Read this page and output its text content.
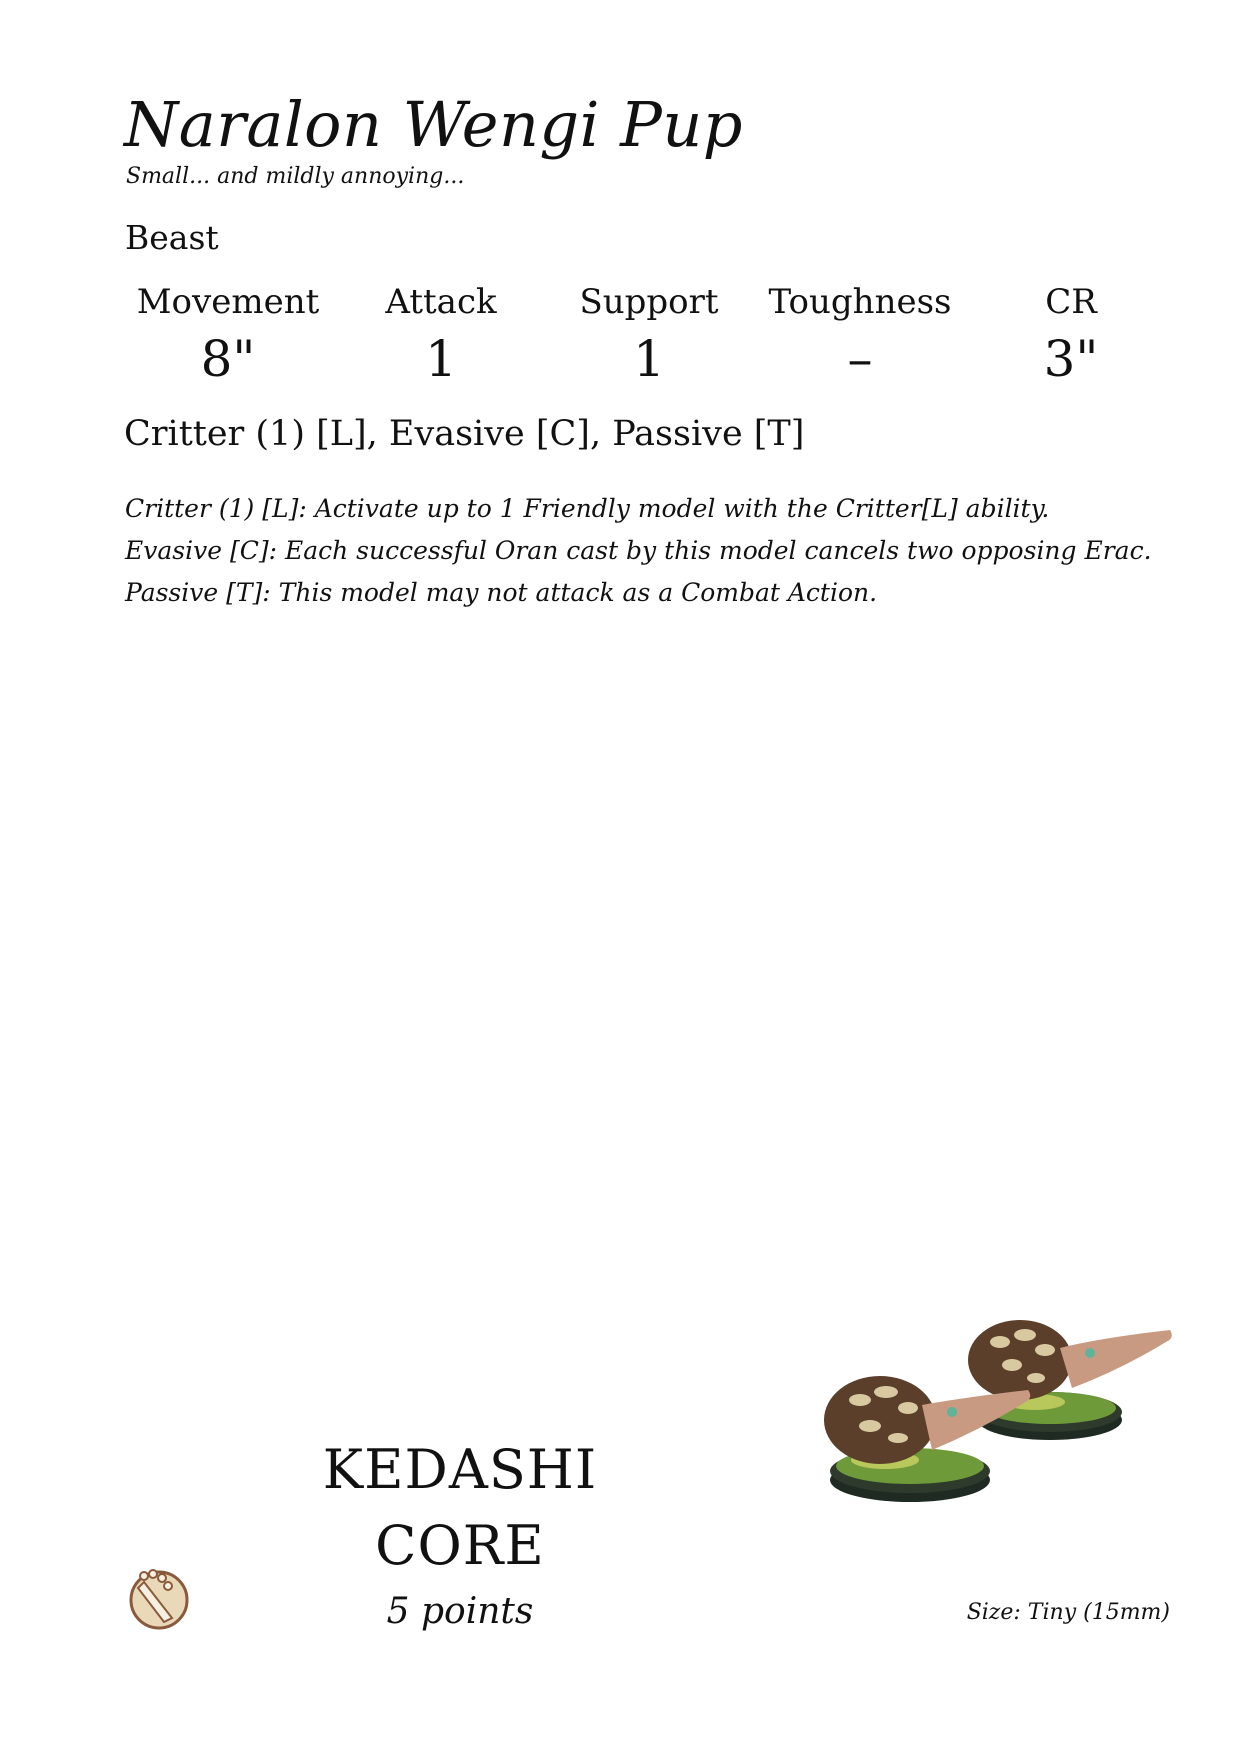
Naralon Wengi Pup
Small... and mildly annoying...
Beast
Movement
8"
Attack
1
Support
1
Toughness
–
CR
3"
Critter (1) [L], Evasive [C], Passive [T]
Critter (1) [L]: Activate up to 1 Friendly model with the Critter[L] ability.
Evasive [C]: Each successful Oran cast by this model cancels two opposing Erac.
Passive [T]: This model may not attack as a Combat Action.
KEDASHI
CORE
5 points	Size: Tiny (15mm)
